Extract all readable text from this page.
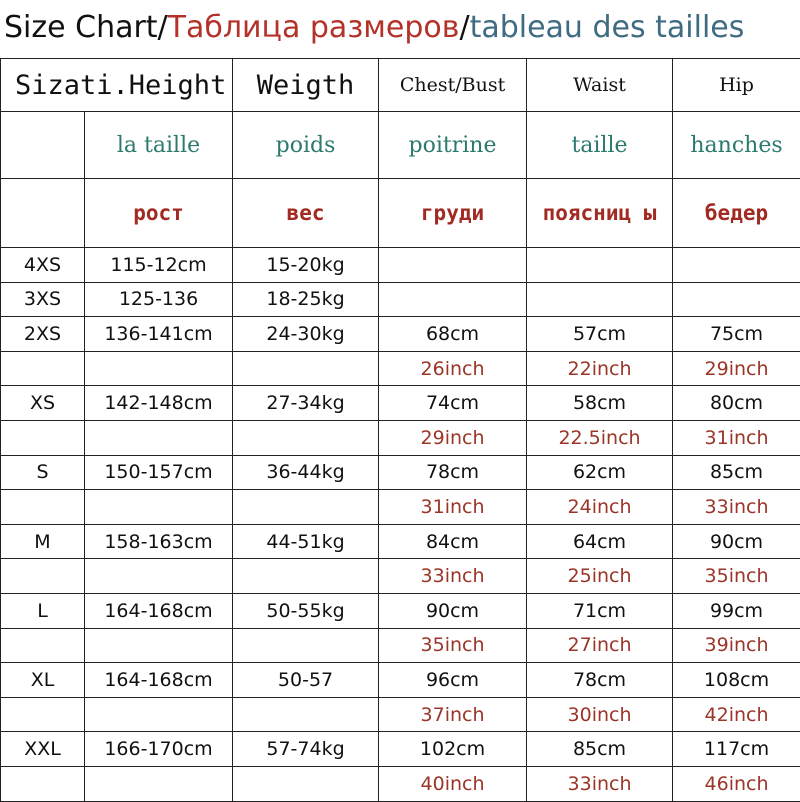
Size Chart/Таблица размеров/tableau des tailles
Sizati.Height		Weigth	Chest/Bust	Waist	Hip
	la taille	poids	poitrine	taille	hanches
	рост	вес	груди	поясниц ы	бедер
4XS	115-12cm	15-20kg			
3XS	125-136	18-25kg			
2XS	136-141cm	24-30kg	68cm	57cm	75cm
			26inch	22inch	29inch
XS	142-148cm	27-34kg	74cm	58cm	80cm
			29inch	22.5inch	31inch
S	150-157cm	36-44kg	78cm	62cm	85cm
			31inch	24inch	33inch
M	158-163cm	44-51kg	84cm	64cm	90cm
			33inch	25inch	35inch
L	164-168cm	50-55kg	90cm	71cm	99cm
			35inch	27inch	39inch
XL	164-168cm	50-57	96cm	78cm	108cm
			37inch	30inch	42inch
XXL	166-170cm	57-74kg	102cm	85cm	117cm
			40inch	33inch	46inch
